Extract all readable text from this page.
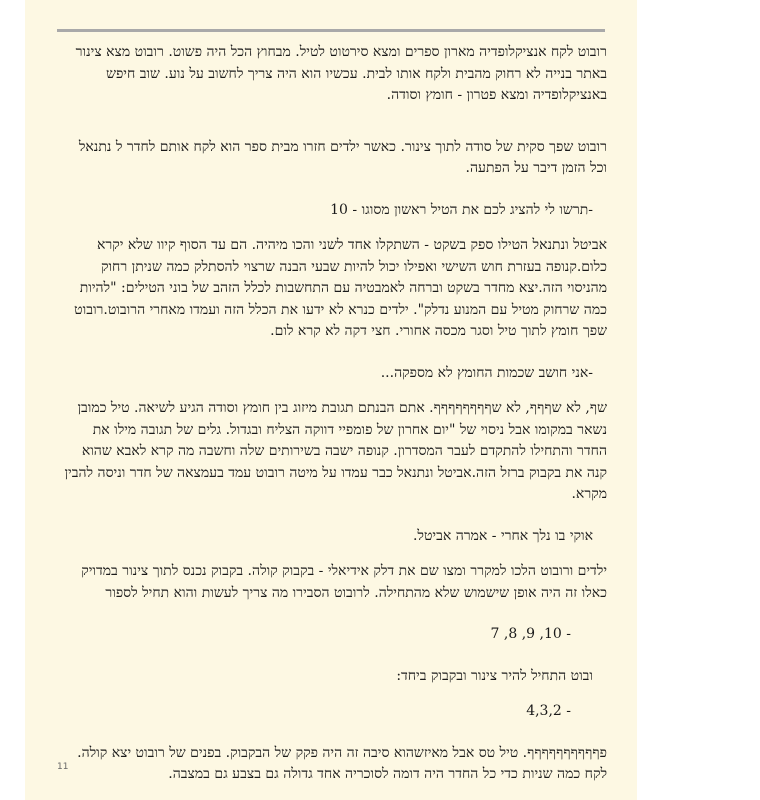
רובוט לקח אנציקלופדיה מארון ספרים ומצא סירטוט לטיל. מבחוץ הכל היה פשוט. רובוט מצא צינור באתר בנייה לא רחוק מהבית ולקח אותו לבית. עכשיו הוא היה צריך לחשוב על נוע. שוב חיפש באנציקלופדיה ומצא פטרון - חומץ וסודה.

רובוט שפך סקית של סודה לתוך צינור. כאשר ילדים חזרו מבית ספר הוא לקח אותם לחדר ל נתנאל וכל הזמן דיבר על הפתעה.

-תרשו לי להציג לכם את הטיל ראשון מסוגו - 10

אביטל ונתנאל הטילו ספק בשקט - השתקלו אחד לשני והכו מיהיה. הם עד הסוף קיוו שלא יקרא כלום.קנופה בעזרת חוש השישי ואפילו יכול להיות שבעי הבנה שרצוי להסתלק כמה שניתן רחוק מהניסוי הזה.יצא מחדר בשקט וברחה לאמבטיה עם התחשבות לכלל הזהב של בוני הטילים: "להיות כמה שרחוק מטיל עם המנוע נדלק". ילדים כנרא לא ידעו את הכלל הזה ועמדו מאחרי הרובוט.רובוט שפך חומץ לתוך טיל וסגר מכסה אחורי. חצי דקה לא קרא לום.

-אני חושב שכמות החומץ לא מספקה...

שף, לא שףףף, לא שףףףףףףףף. אתם הבנתם תגובת מיזוג בין חומץ וסודה הגיע לשיאה. טיל כמובן נשאר במקומו אבל ניסוי של "יום אחרון של פומפיי דווקה הצליח ובגדול. גלים של תגובה מילו את החדר והתחילו להתקדם לעבר המסדרון. קנופה ישבה בשירותים שלה וחשבה מה קרא לאבא שהוא קנה את בקבוק ברזל הזה.אביטל ונתנאל כבר עמדו על מיטה רובוט עמד בעמצאה של חדר וניסה להבין מקרא.

אוקי בו נלך אחרי - אמרה אביטל.

ילדים ורובוט הלכו למקרר ומצו שם את דלק אידיאלי - בקבוק קולה. בקבוק נכנס לתוך צינור במדויק כאלו זה היה אופן שישמוש שלא מהתחילה. לרובוט הסבירו מה צריך לעשות והוא תחיל לספור

- 10, 9, 8, 7

ובוט התחיל להיר צינור ובקבוק ביחד:

- 4,3,2

פףףףףףףףףףף. טיל טס אבל מאיזשהוא סיבה זה היה פקק של הבקבוק. בפנים של רובוט יצא קולה. לקח כמה שניות כדי כל החדר היה דומה לסוכריה אחד גדולה גם בצבע גם במצבה.

11
